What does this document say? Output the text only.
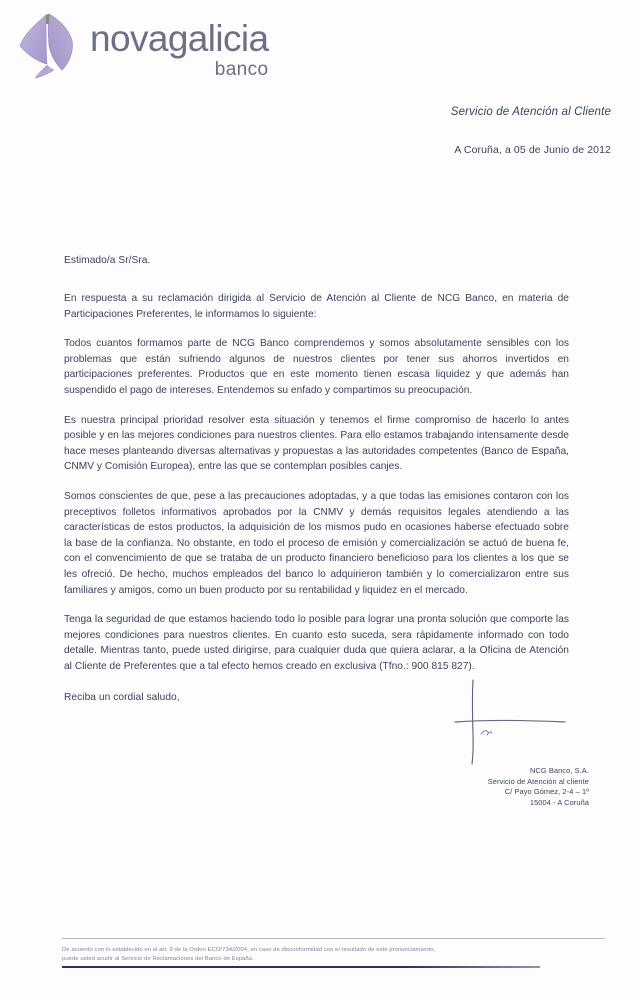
novagalicia
banco
Servicio de Atención al Cliente
A Coruña, a 05 de Junio de 2012
Estimado/a Sr/Sra.

En respuesta a su reclamación dirigida al Servicio de Atención al Cliente de NCG Banco, en materia de Participaciones Preferentes, le informamos lo siguiente:

Todos cuantos formamos parte de NCG Banco comprendemos y somos absolutamente sensibles con los problemas que están sufriendo algunos de nuestros clientes por tener sus ahorros invertidos en participaciones preferentes. Productos que en este momento tienen escasa liquidez y que además han suspendido el pago de intereses. Entendemos su enfado y compartimos su preocupación.

Es nuestra principal prioridad resolver esta situación y tenemos el firme compromiso de hacerlo lo antes posible y en las mejores condiciones para nuestros clientes. Para ello estamos trabajando intensamente desde hace meses planteando diversas alternativas y propuestas a las autoridades competentes (Banco de España, CNMV y Comisión Europea), entre las que se contemplan posibles canjes.

Somos conscientes de que, pese a las precauciones adoptadas, y a que todas las emisiones contaron con los preceptivos folletos informativos aprobados por la CNMV y demás requisitos legales atendiendo a las características de estos productos, la adquisición de los mismos pudo en ocasiones haberse efectuado sobre la base de la confianza. No obstante, en todo el proceso de emisión y comercialización se actuó de buena fe, con el convencimiento de que se trataba de un producto financiero beneficioso para los clientes a los que se les ofreció. De hecho, muchos empleados del banco lo adquirieron también y lo comercializaron entre sus familiares y amigos, como un buen producto por su rentabilidad y liquidez en el mercado.

Tenga la seguridad de que estamos haciendo todo lo posible para lograr una pronta solución que comporte las mejores condiciones para nuestros clientes. En cuanto esto suceda, sera rápidamente informado con todo detalle. Mientras tanto, puede usted dirigirse, para cualquier duda que quiera aclarar, a la Oficina de Atención al Cliente de Preferentes que a tal efecto hemos creado en exclusiva (Tfno.: 900 815 827).

Reciba un cordial saludo,
NCG Banco, S.A.
Servicio de Atención al cliente
C/ Payo Gómez, 2-4 – 1º
15004 - A Coruña
De acuerdo con lo establecido en el art. 9 de la Orden ECO/734/2004, en caso de disconformidad con el resultado de este pronunciamiento,
puede usted acudir al Servicio de Reclamaciones del Banco de España.
